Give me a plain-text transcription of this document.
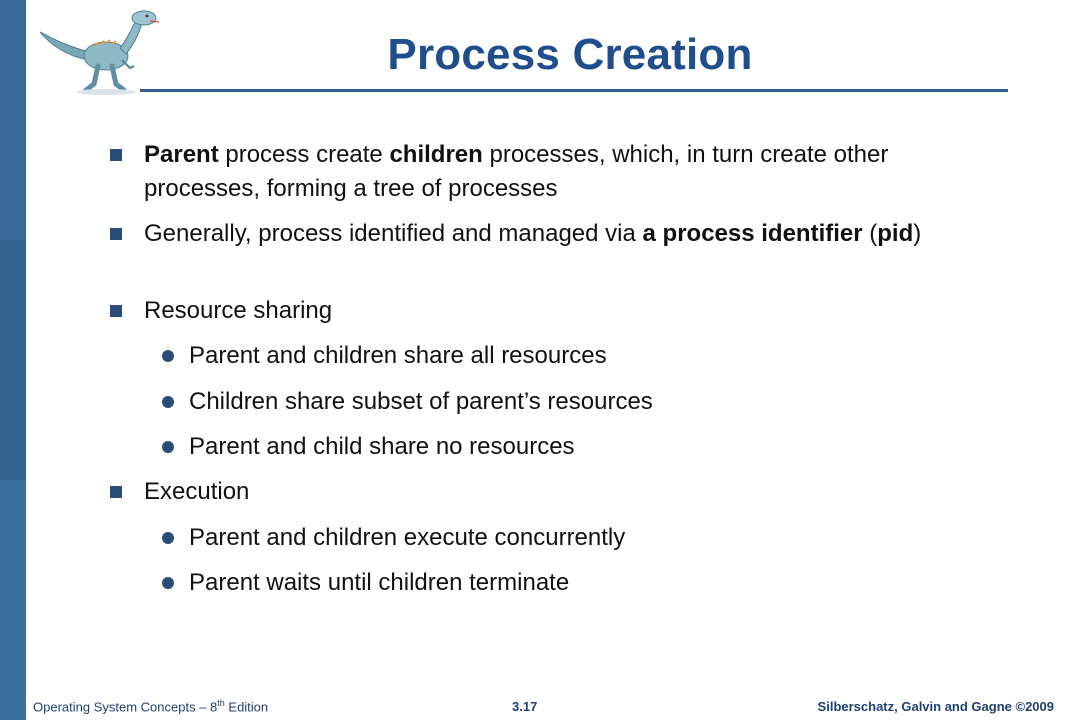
Process Creation
Parent process create children processes, which, in turn create other processes, forming a tree of processes
Generally, process identified and managed via a process identifier (pid)
Resource sharing
Parent and children share all resources
Children share subset of parent’s resources
Parent and child share no resources
Execution
Parent and children execute concurrently
Parent waits until children terminate
Operating System Concepts – 8th Edition	3.17	Silberschatz, Galvin and Gagne ©2009
